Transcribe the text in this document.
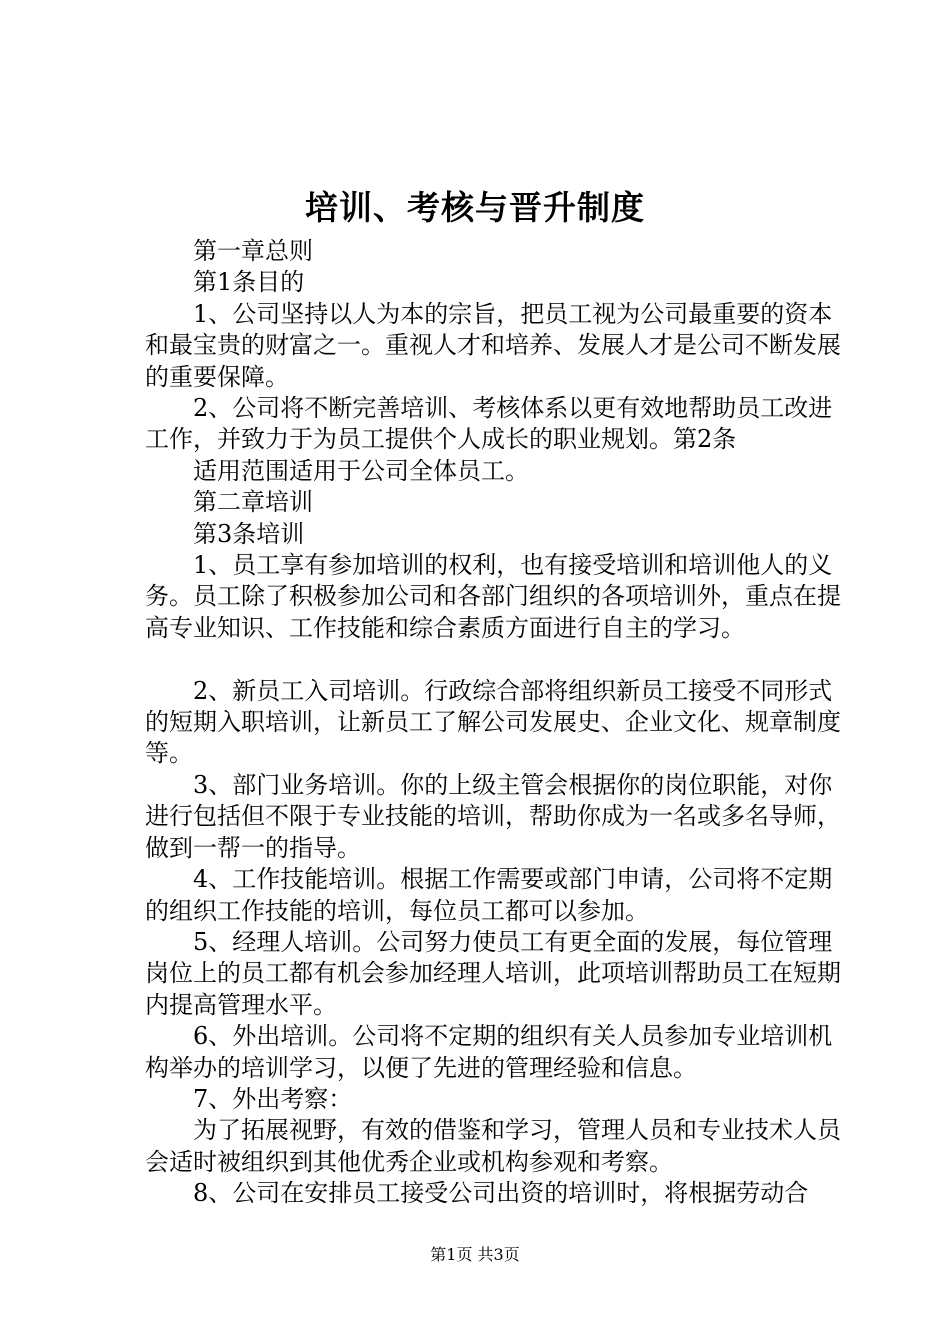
培训、考核与晋升制度

第一章总则

第1条目的

1、公司坚持以人为本的宗旨，把员工视为公司最重要的资本和最宝贵的财富之一。重视人才和培养、发展人才是公司不断发展的重要保障。

2、公司将不断完善培训、考核体系以更有效地帮助员工改进工作，并致力于为员工提供个人成长的职业规划。第2条

适用范围适用于公司全体员工。

第二章培训

第3条培训

1、员工享有参加培训的权利，也有接受培训和培训他人的义务。员工除了积极参加公司和各部门组织的各项培训外，重点在提高专业知识、工作技能和综合素质方面进行自主的学习。

2、新员工入司培训。行政综合部将组织新员工接受不同形式的短期入职培训，让新员工了解公司发展史、企业文化、规章制度等。

3、部门业务培训。你的上级主管会根据你的岗位职能，对你进行包括但不限于专业技能的培训，帮助你成为一名或多名导师，做到一帮一的指导。

4、工作技能培训。根据工作需要或部门申请，公司将不定期的组织工作技能的培训，每位员工都可以参加。

5、经理人培训。公司努力使员工有更全面的发展，每位管理岗位上的员工都有机会参加经理人培训，此项培训帮助员工在短期内提高管理水平。

6、外出培训。公司将不定期的组织有关人员参加专业培训机构举办的培训学习，以便了先进的管理经验和信息。

7、外出考察：

为了拓展视野，有效的借鉴和学习，管理人员和专业技术人员会适时被组织到其他优秀企业或机构参观和考察。

8、公司在安排员工接受公司出资的培训时，将根据劳动合

第1页 共3页
